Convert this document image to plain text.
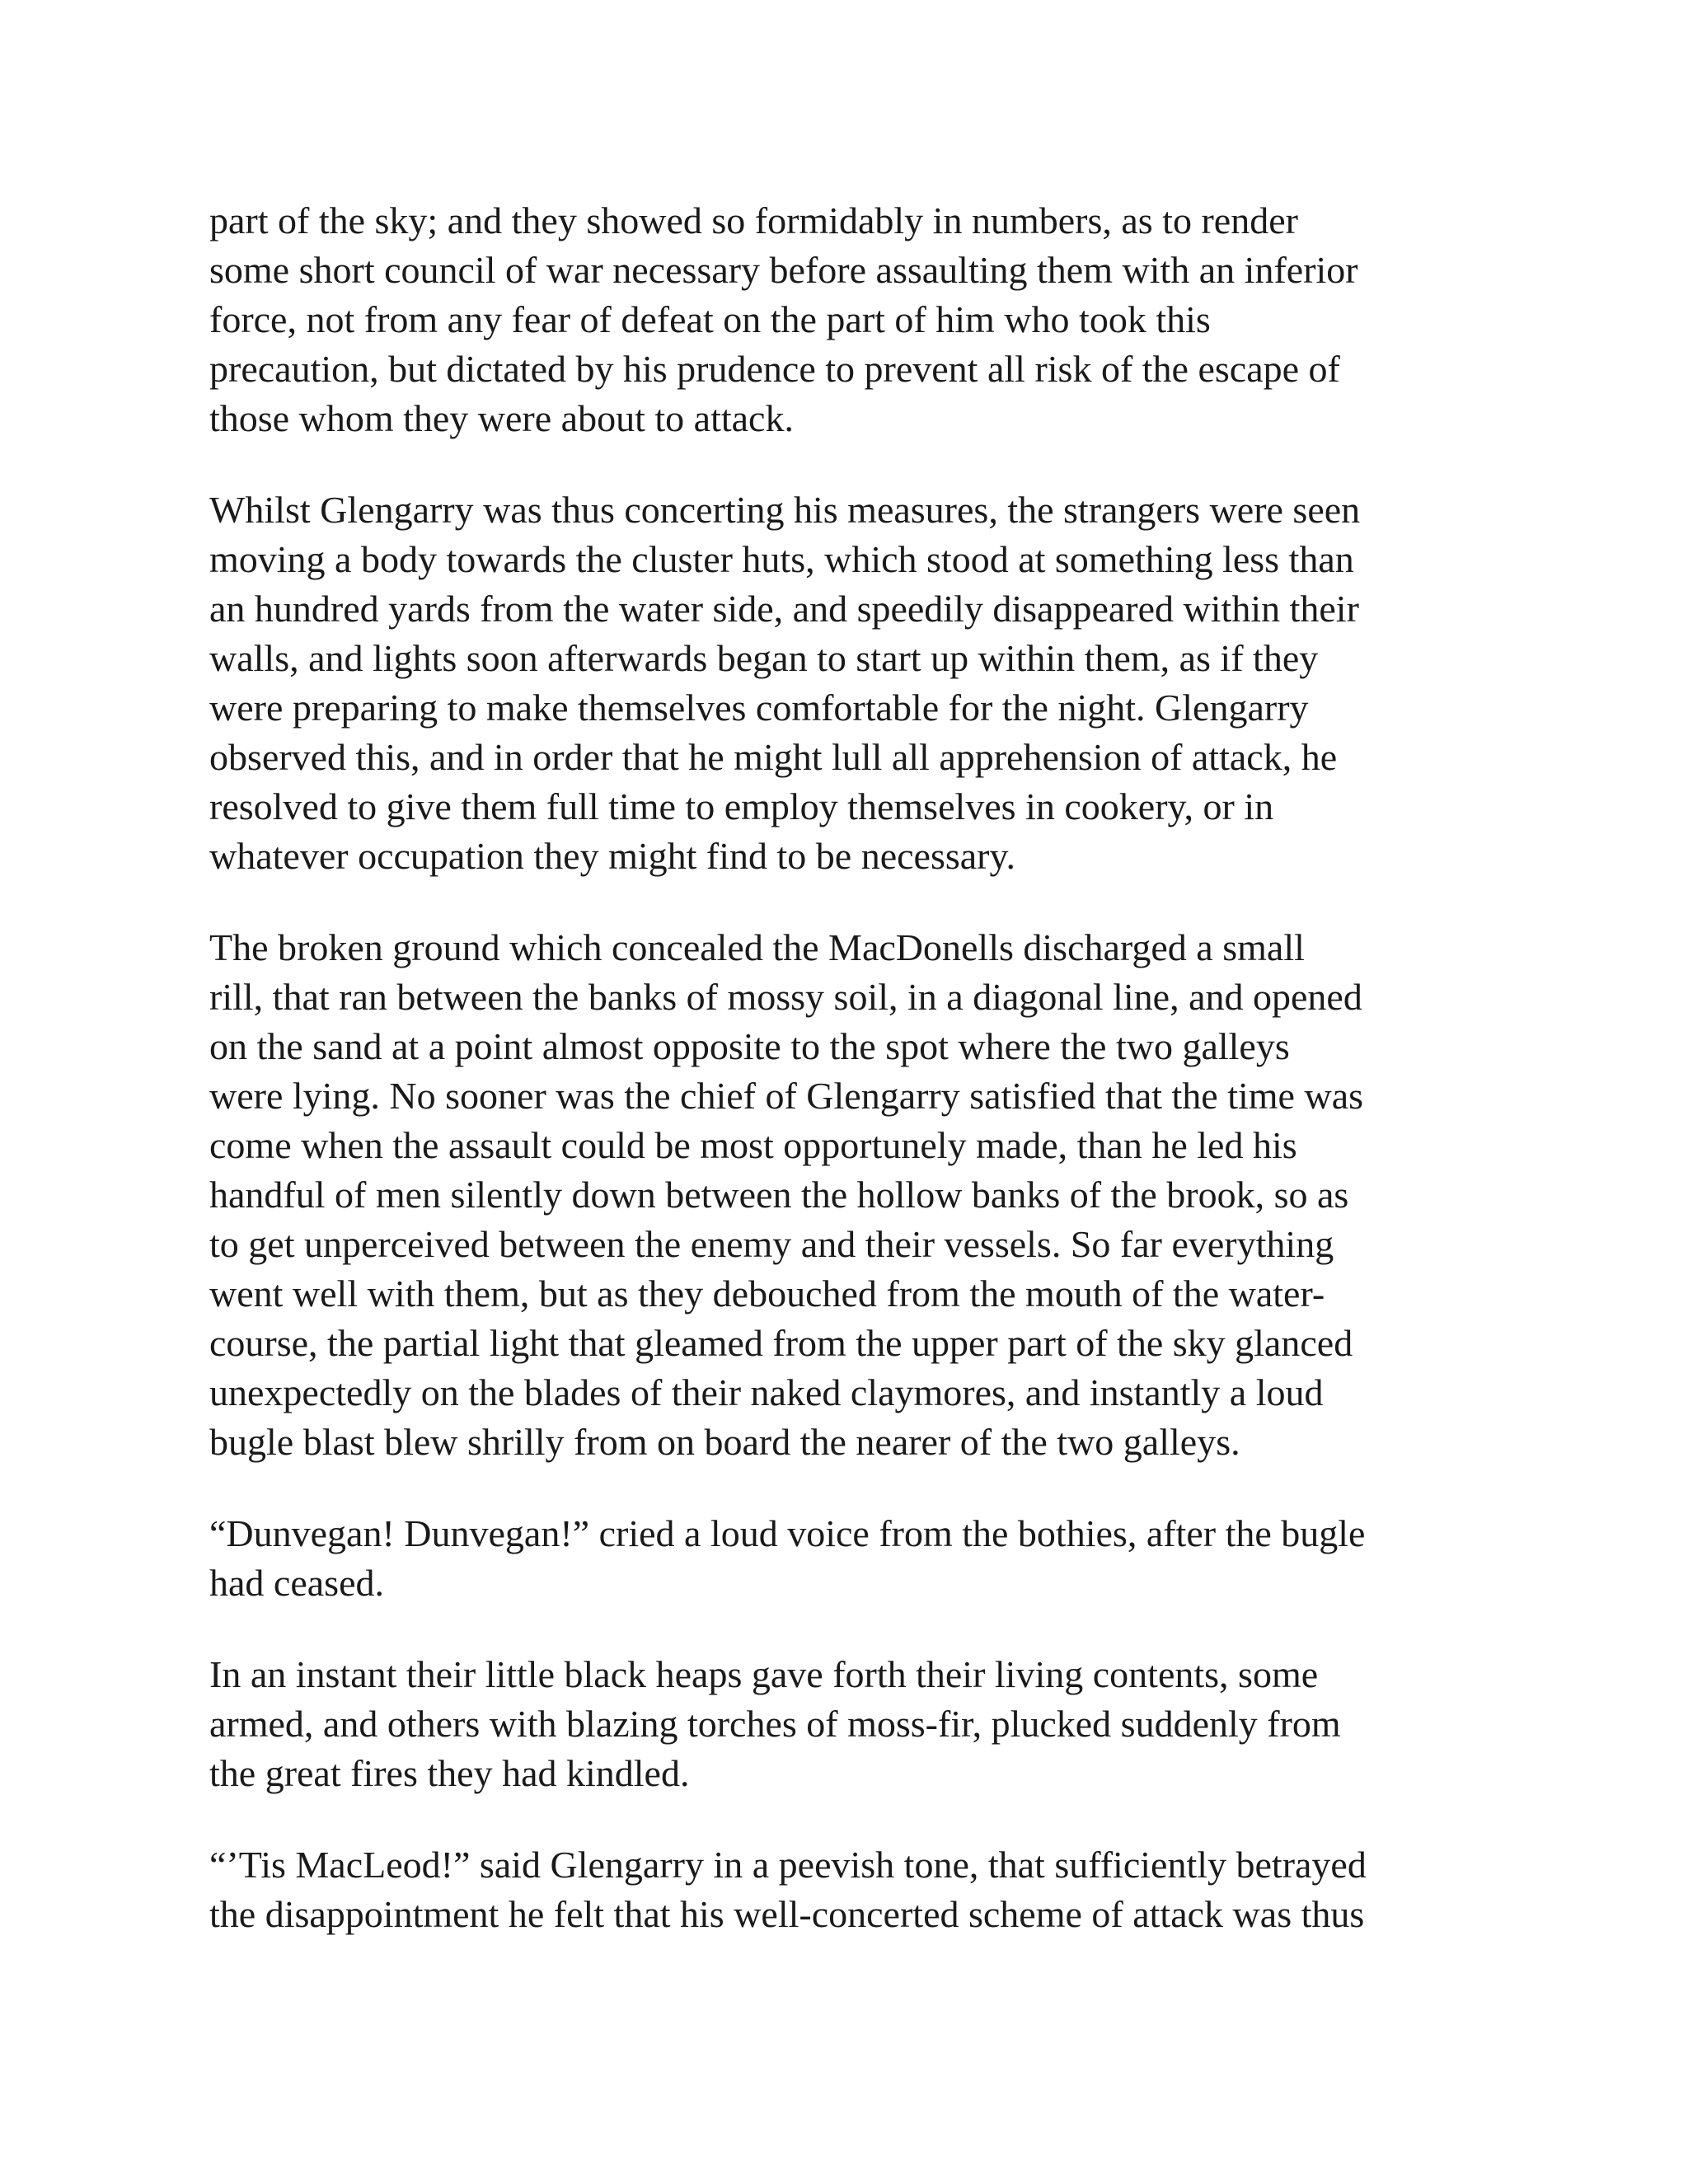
part of the sky; and they showed so formidably in numbers, as to render
some short council of war necessary before assaulting them with an inferior
force, not from any fear of defeat on the part of him who took this
precaution, but dictated by his prudence to prevent all risk of the escape of
those whom they were about to attack.

Whilst Glengarry was thus concerting his measures, the strangers were seen
moving a body towards the cluster huts, which stood at something less than
an hundred yards from the water side, and speedily disappeared within their
walls, and lights soon afterwards began to start up within them, as if they
were preparing to make themselves comfortable for the night. Glengarry
observed this, and in order that he might lull all apprehension of attack, he
resolved to give them full time to employ themselves in cookery, or in
whatever occupation they might find to be necessary.

The broken ground which concealed the MacDonells discharged a small
rill, that ran between the banks of mossy soil, in a diagonal line, and opened
on the sand at a point almost opposite to the spot where the two galleys
were lying. No sooner was the chief of Glengarry satisfied that the time was
come when the assault could be most opportunely made, than he led his
handful of men silently down between the hollow banks of the brook, so as
to get unperceived between the enemy and their vessels. So far everything
went well with them, but as they debouched from the mouth of the water-
course, the partial light that gleamed from the upper part of the sky glanced
unexpectedly on the blades of their naked claymores, and instantly a loud
bugle blast blew shrilly from on board the nearer of the two galleys.

“Dunvegan! Dunvegan!” cried a loud voice from the bothies, after the bugle
had ceased.

In an instant their little black heaps gave forth their living contents, some
armed, and others with blazing torches of moss-fir, plucked suddenly from
the great fires they had kindled.

“’Tis MacLeod!” said Glengarry in a peevish tone, that sufficiently betrayed
the disappointment he felt that his well-concerted scheme of attack was thus
